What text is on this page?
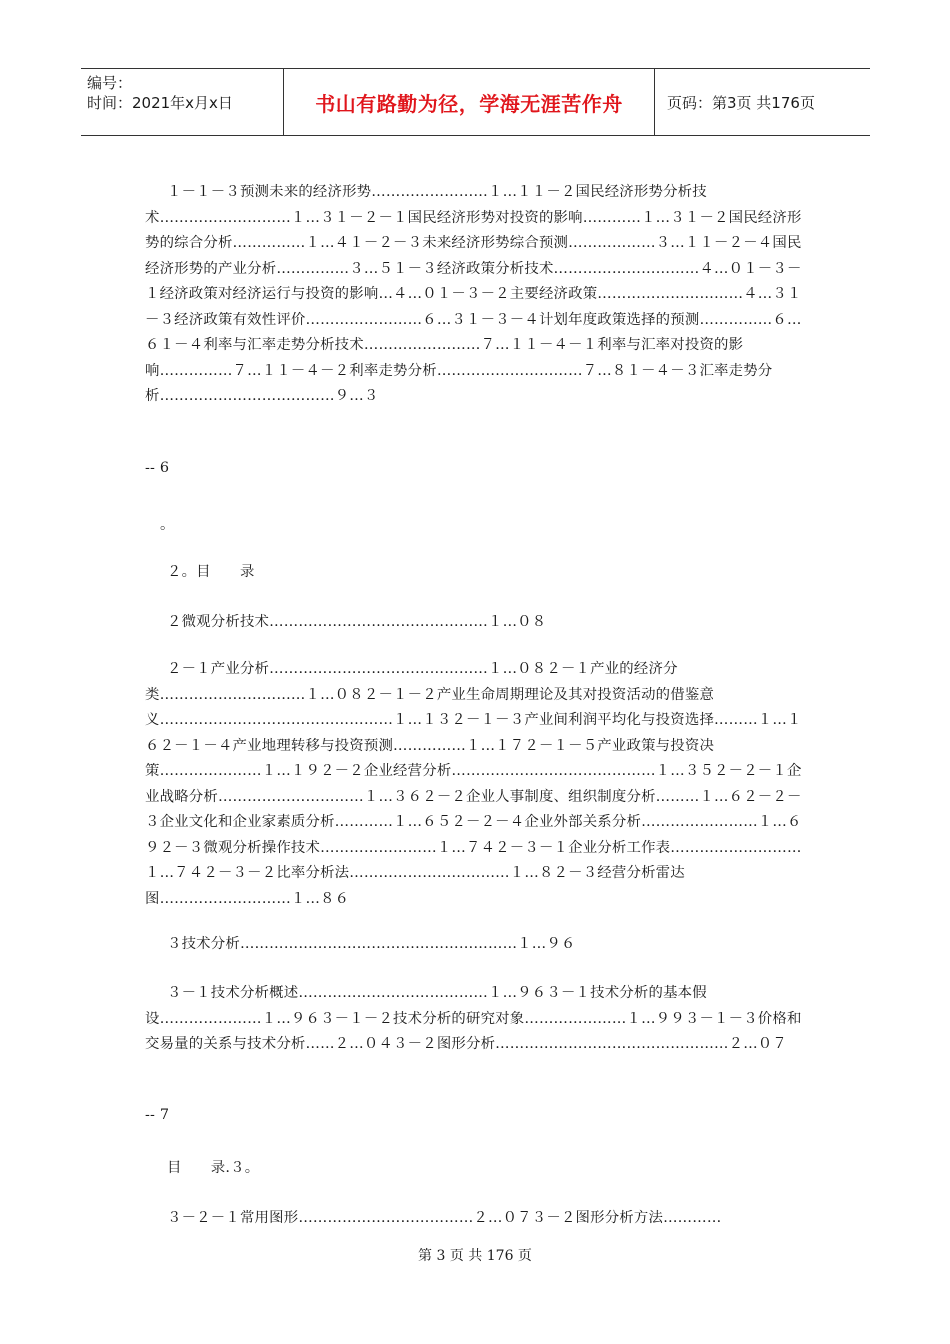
编号：
时间：2021年x月x日	书山有路勤为径，学海无涯苦作舟	页码：第3页 共176页
１－１－３预测未来的经济形势……………………１…１１－２国民经济形势分析技术………………………１…３１－２－１国民经济形势对投资的影响…………１…３１－２国民经济形势的综合分析……………１…４１－２－３未来经济形势综合预测………………３…１１－２－４国民经济形势的产业分析……………３…５１－３经济政策分析技术…………………………４…０１－３－１经济政策对经济运行与投资的影响…４…０１－３－２主要经济政策…………………………４…３１－３经济政策有效性评价……………………６…３１－３－４计划年度政策选择的预测……………６…６１－４利率与汇率走势分析技术……………………７…１１－４－１利率与汇率对投资的影响……………７…１１－４－２利率走势分析…………………………７…８１－４－３汇率走势分析………………………………９…３
-- 6
。
２。目　　录
２微观分析技术………………………………………１…０８
２－１产业分析………………………………………１…０８２－１产业的经济分类…………………………１…０８２－１－２产业生命周期理论及其对投资活动的借鉴意义…………………………………………１…１３２－１－３产业间利润平均化与投资选择………１…１６２－１－４产业地理转移与投资预测……………１…１７２－１－５产业政策与投资决策…………………１…１９２－２企业经营分析……………………………………１…３５２－２－１企业战略分析…………………………１…３６２－２企业人事制度、组织制度分析………１…６２－２－３企业文化和企业家素质分析…………１…６５２－２－４企业外部关系分析……………………１…６９２－３微观分析操作技术……………………１…７４２－３－１企业分析工作表………………………１…７４２－３－２比率分析法……………………………１…８２－３经营分析雷达图………………………１…８６
３技术分析…………………………………………………１…９６
３－１技术分析概述…………………………………１…９６３－１技术分析的基本假设…………………１…９６３－１－２技术分析的研究对象…………………１…９９３－１－３价格和交易量的关系与技术分析……２…０４３－２图形分析…………………………………………２…０７
-- 7
目　　录.３。
３－２－１常用图形………………………………２…０７３－２图形分析方法…………
第 3 页 共 176 页
